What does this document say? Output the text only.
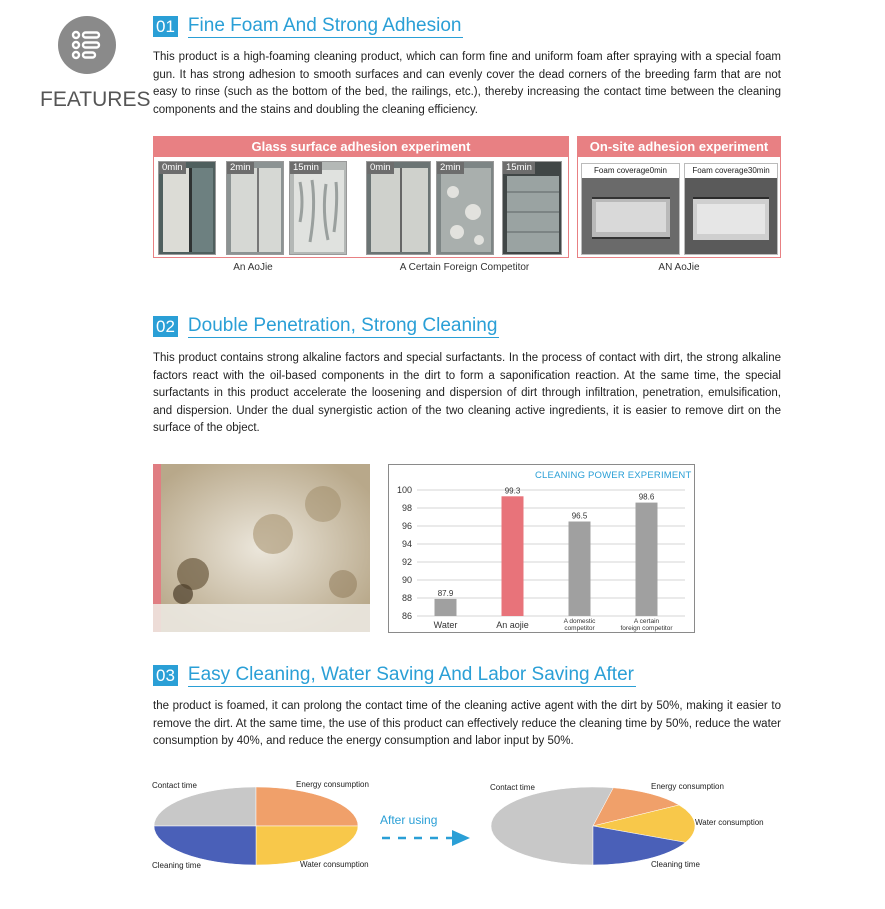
FEATURES
01 Fine Foam And Strong Adhesion
This product is a high-foaming cleaning product, which can form fine and uniform foam after spraying with a special foam gun. It has strong adhesion to smooth surfaces and can evenly cover the dead corners of the breeding farm that are not easy to rinse (such as the bottom of the bed, the railings, etc.), thereby increasing the contact time between the cleaning components and the stains and doubling the cleaning efficiency.
Glass surface adhesion experiment
0min	2min	15min	0min	2min	15min
An AoJie	A Certain Foreign Competitor
On-site adhesion experiment
Foam coverage0min	Foam coverage30min
AN AoJie
02 Double Penetration, Strong Cleaning
This product contains strong alkaline factors and special surfactants. In the process of contact with dirt, the strong alkaline factors react with the oil-based components in the dirt to form a saponification reaction. At the same time, the special surfactants in this product accelerate the loosening and dispersion of dirt through infiltration, penetration, emulsification, and dispersion. Under the dual synergistic action of the two cleaning active ingredients, it is easier to remove dirt on the surface of the object.
CLEANING POWER EXPERIMENT
86
88
90
92
94
96
98
100
87.9
Water
99.3
An aojie
96.5
A domestic
competitor
98.6
A certain
foreign competitor
03 Easy Cleaning, Water Saving And Labor Saving After
the product is foamed, it can prolong the contact time of the cleaning active agent with the dirt by 50%, making it easier to remove the dirt. At the same time, the use of this product can effectively reduce the cleaning time by 50%, reduce the water consumption by 40%, and reduce the energy consumption and labor input by 50%.
Contact time	Energy consumption
Water consumption
Cleaning time
After using
Contact time	Energy consumption
Water consumption
Cleaning time
